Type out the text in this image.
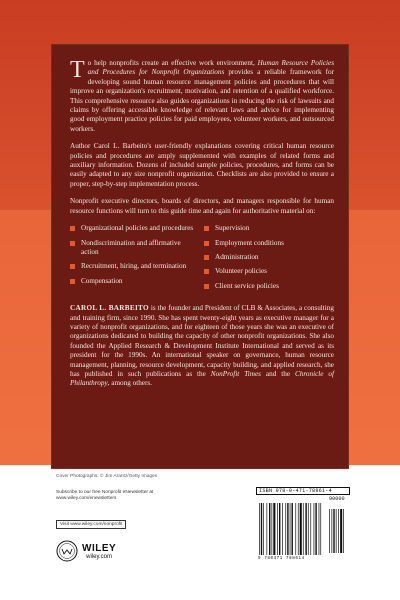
To help nonprofits create an effective work environment, Human Resource Policies and Procedures for Nonprofit Organizations provides a reliable framework for developing sound human resource management policies and procedures that will improve an organization's recruitment, motivation, and retention of a qualified workforce. This comprehensive resource also guides organizations in reducing the risk of lawsuits and claims by offering accessible knowledge of relevant laws and advice for implementing good employment practice policies for paid employees, volunteer workers, and outsourced workers.

Author Carol L. Barbeito's user-friendly explanations covering critical human resource policies and procedures are amply supplemented with examples of related forms and auxiliary information. Dozens of included sample policies, procedures, and forms can be easily adapted to any size nonprofit organization. Checklists are also provided to ensure a proper, step-by-step implementation process.

Nonprofit executive directors, boards of directors, and managers responsible for human resource functions will turn to this guide time and again for authoritative material on:

Organizational policies and procedures
Nondiscrimination and affirmative action
Recruitment, hiring, and termination
Compensation
Supervision
Employment conditions
Administration
Volunteer policies
Client service policies

CAROL L. BARBEITO is the founder and President of CLB & Associates, a consulting and training firm, since 1990. She has spent twenty-eight years as executive manager for a variety of nonprofit organizations, and for eighteen of those years she was an executive of organizations dedicated to building the capacity of other nonprofit organizations. She also founded the Applied Research & Development Institute International and served as its president for the 1990s. An international speaker on governance, human resource management, planning, resource development, capacity building, and applied research, she has published in such publications as the NonProfit Times and the Chronicle of Philanthropy, among others.

Cover Photographs: © Jim Arantz/Getty Images
Subscribe to our free Nonprofit eNewsletter at www.wiley.com/enewsletters
Visit www.wiley.com/nonprofit
WILEY
wiley.com
ISBN 978-0-471-78861-4
90000
9 780471 788614
